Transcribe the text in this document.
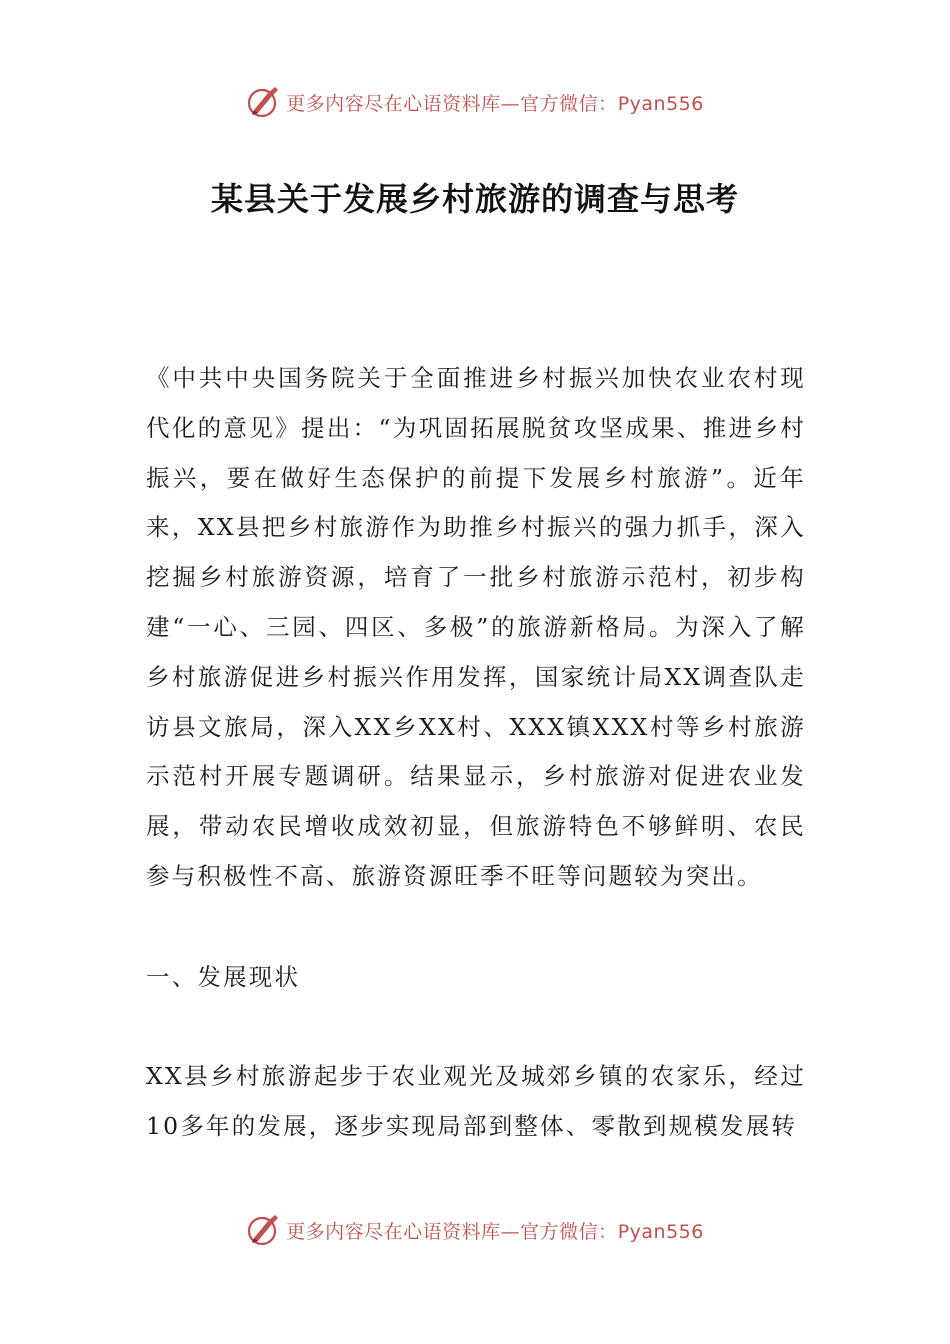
更多内容尽在心语资料库—官方微信：Pyan556
某县关于发展乡村旅游的调查与思考

《中共中央国务院关于全面推进乡村振兴加快农业农村现代化的意见》提出：“为巩固拓展脱贫攻坚成果、推进乡村振兴，要在做好生态保护的前提下发展乡村旅游”。近年来，XX县把乡村旅游作为助推乡村振兴的强力抓手，深入挖掘乡村旅游资源，培育了一批乡村旅游示范村，初步构建“一心、三园、四区、多极”的旅游新格局。为深入了解乡村旅游促进乡村振兴作用发挥，国家统计局XX调查队走访县文旅局，深入XX乡XX村、XXX镇XXX村等乡村旅游示范村开展专题调研。结果显示，乡村旅游对促进农业发展，带动农民增收成效初显，但旅游特色不够鲜明、农民参与积极性不高、旅游资源旺季不旺等问题较为突出。

一、发展现状

XX县乡村旅游起步于农业观光及城郊乡镇的农家乐，经过10多年的发展，逐步实现局部到整体、零散到规模发展转

更多内容尽在心语资料库—官方微信：Pyan556
